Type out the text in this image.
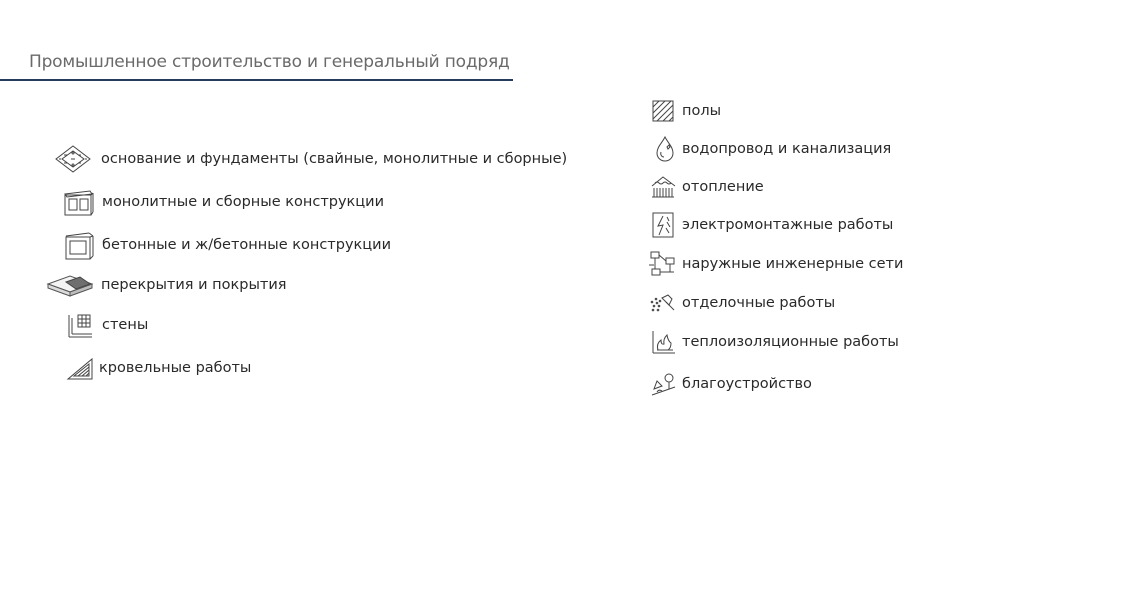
Промышленное строительство и генеральный подряд
основание и фундаменты (свайные, монолитные и сборные)
монолитные и сборные конструкции
бетонные и ж/бетонные конструкции
перекрытия и покрытия
стены
кровельные работы
полы
водопровод и канализация
отопление
электромонтажные работы
наружные инженерные сети
отделочные работы
теплоизоляционные работы
благоустройство
